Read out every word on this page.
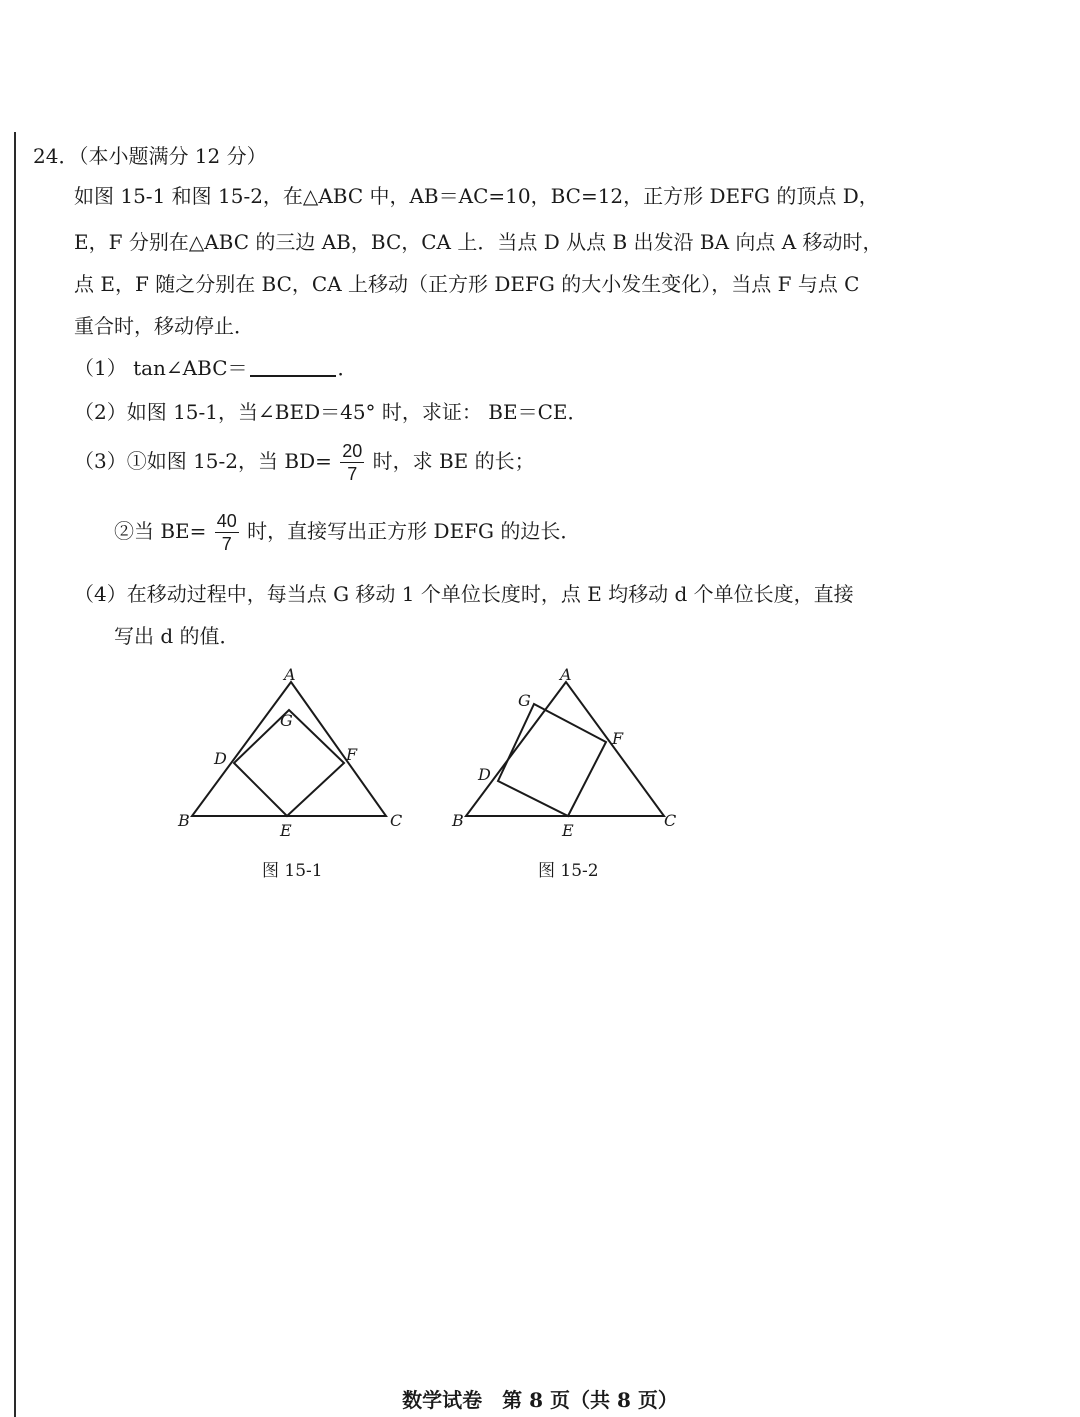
24．（本小题满分 12 分）
如图 15-1 和图 15-2，在△ABC 中，AB＝AC=10，BC=12，正方形 DEFG 的顶点 D，
E，F 分别在△ABC 的三边 AB，BC，CA 上．当点 D 从点 B 出发沿 BA 向点 A 移动时，
点 E，F 随之分别在 BC，CA 上移动（正方形 DEFG 的大小发生变化），当点 F 与点 C
重合时，移动停止．
（1） tan∠ABC＝	．
（2）如图 15-1，当∠BED＝45° 时，求证： BE＝CE．
（3）①如图 15-2，当 $BD= \frac{20}{7}$ 时，求 BE 的长；
②当 $BE= \frac{40}{7}$ 时，直接写出正方形 DEFG 的边长．
（4）在移动过程中，每当点 G 移动 1 个单位长度时，点 E 均移动 d 个单位长度，直接
写出 d 的值．
A
B	C
D
E
F
G
图 15-1
A
B	C
D
E
F
G
图 15-2
数学试卷　第 8 页（共 8 页）
